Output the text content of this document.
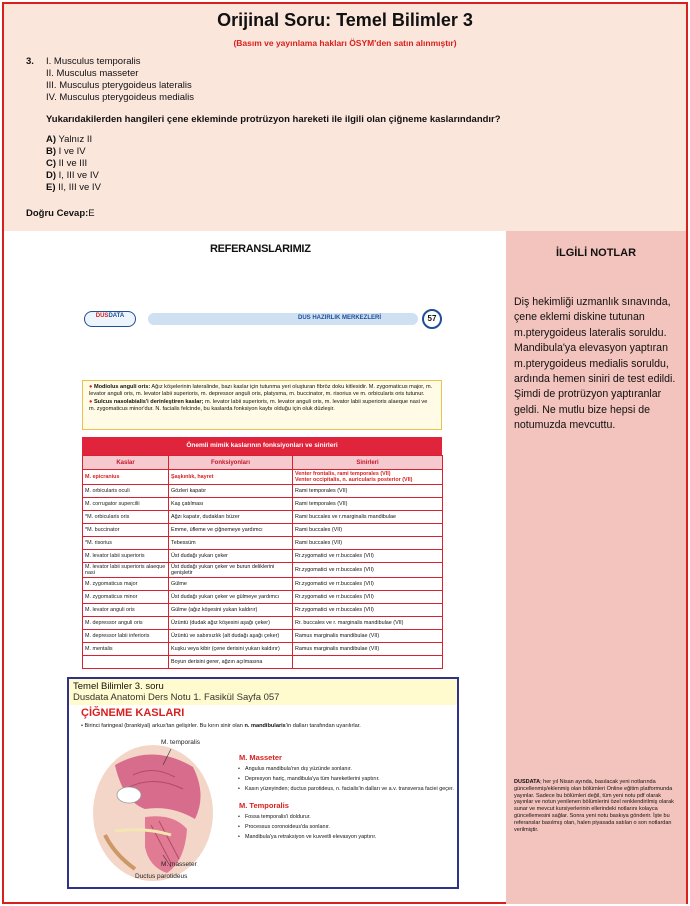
Orijinal Soru: Temel Bilimler 3
(Basım ve yayınlama hakları ÖSYM'den satın alınmıştır)
3. I. Musculus temporalis
II. Musculus masseter
III. Musculus pterygoideus lateralis
IV. Musculus pterygoideus medialis
Yukarıdakilerden hangileri çene ekleminde protrüzyon hareketi ile ilgili olan çiğneme kaslarındandır?
A) Yalnız II
B) I ve IV
C) II ve III
D) I, III ve IV
E) II, III ve IV
Doğru Cevap:E
REFERANSLARIMIZ
DUSDATA	DUS HAZIRLIK MERKEZLERİ	57
● Modiolus anguli oris: Ağız köşelerinin lateralinde, bazı kaslar için tutunma yeri oluşturan fibröz doku kitlesidir. M. zygomaticus major, m. levator anguli oris, m. levator labii superioris, m. depressor anguli oris, platysma, m. buccinator, m. risorius ve m. orbicularis oris tutunur.
● Sulcus nasolabialis'i derinleştiren kaslar; m. levator labii superioris, m. levator anguli oris, m. levator labii superioris alaeque nasi ve m. zygomaticus minor'dur. N. facialis felcinde, bu kaslarda fonksiyon kaybı olduğu için oluk düzleşir.
Önemli mimik kaslarının fonksiyonları ve sinirleri
Kaslar	Fonksiyonları	Sinirleri
M. epicranius	Şaşkınlık, hayret	Venter frontalis, rami temporales (VII)
Venter occipitalis, n. auricularis posterior (VII)
M. orbicularis oculi	Gözleri kapatır	Rami temporales (VII)
M. corrugator supercilii	Kaş çatılması	Rami temporales (VII)
*M. orbicularis oris	Ağzı kapatır, dudakları büzer	Rami buccales ve r.marginalis mandibulae
*M. buccinator	Emme, üfleme ve çiğnemeye yardımcı	Rami buccales (VII)
*M. risorius	Tebessüm	Rami buccales (VII)
M. levator labii superioris	Üst dudağı yukarı çeker	Rr.zygomatici ve rr.buccales (VII)
M. levator labii superioris alaeque nasi	Üst dudağı yukarı çeker ve burun deliklerini genişletir	Rr.zygomatici ve rr.buccales (VII)
M. zygomaticus major	Gülme	Rr.zygomatici ve rr.buccales (VII)
M. zygomaticus minor	Üst dudağı yukarı çeker ve gülmeye yardımcı	Rr.zygomatici ve rr.buccales (VII)
M. levator anguli oris	Gülme (ağız köşesini yukarı kaldırır)	Rr.zygomatici ve rr.buccales (VII)
M. depressor anguli oris	Üzüntü (dudak ağız köşesini aşağı çeker)	Rr. buccales ve r. marginalis mandibulae (VII)
M. depressor labii inferioris	Üzüntü ve sabırsızlık (alt dudağı aşağı çeker)	Ramus marginalis mandibulae (VII)
M. mentalis	Kuşku veya kibir (çene derisini yukarı kaldırır)	Ramus marginalis mandibulae (VII)
	Boyun derisini gerer, ağzın açılmasına	
Temel Bilimler 3. soru
Dusdata Anatomi Ders Notu 1. Fasikül Sayfa 057
ÇİĞNEME KASLARI
• Birinci faringeal (brankiyal) arkus'tan gelişirler. Bu kırın sinir olan n. mandibularis'in dalları tarafından uyarılırlar.
M. temporalis
M. masseter
Ductus parotideus
M. Masseter
• Angulus mandibula'nın dış yüzünde sonlanır.
• Depresyon hariç, mandibula'ya tüm hareketlerini yaptırır.
• Kasın yüzeyinden; ductus parotideus, n. facialis'in dalları ve a.v. transversa faciei geçer.
M. Temporalis
• Fossa temporalis'i doldurur.
• Processus coronoideus'da sonlanır.
• Mandibula'ya retraksiyon ve kuvvetli elevasyon yaptırır.
İLGİLİ NOTLAR
Diş hekimliği uzmanlık sınavında, çene eklemi diskine tutunan m.pterygoideus lateralis soruldu. Mandibula'ya elevasyon yaptıran m.pterygoideus medialis soruldu, ardında hemen siniri de test edildi. Şimdi de protrüzyon yaptıranlar geldi. Ne mutlu bize hepsi de notumuzda mevcuttu.
DUSDATA; her yıl Nisan ayında, basılacak yeni notlarında güncellenmiş/eklenmiş olan bölümleri Online eğitim platformunda yayınlar. Sadece bu bölümleri değil, tüm yeni notu pdf olarak yayınlar ve notun yenilenen bölümlerini özel renklendirilmiş olarak sunar ve mevcut kursiyerlerinin ellerindeki notlarını kolayca güncellemesini sağlar. Sonra yeni notu baskıya gönderir. İşte bu referanslar basılmış olan, halen piyasada satılan o son notlardan verilmiştir.
